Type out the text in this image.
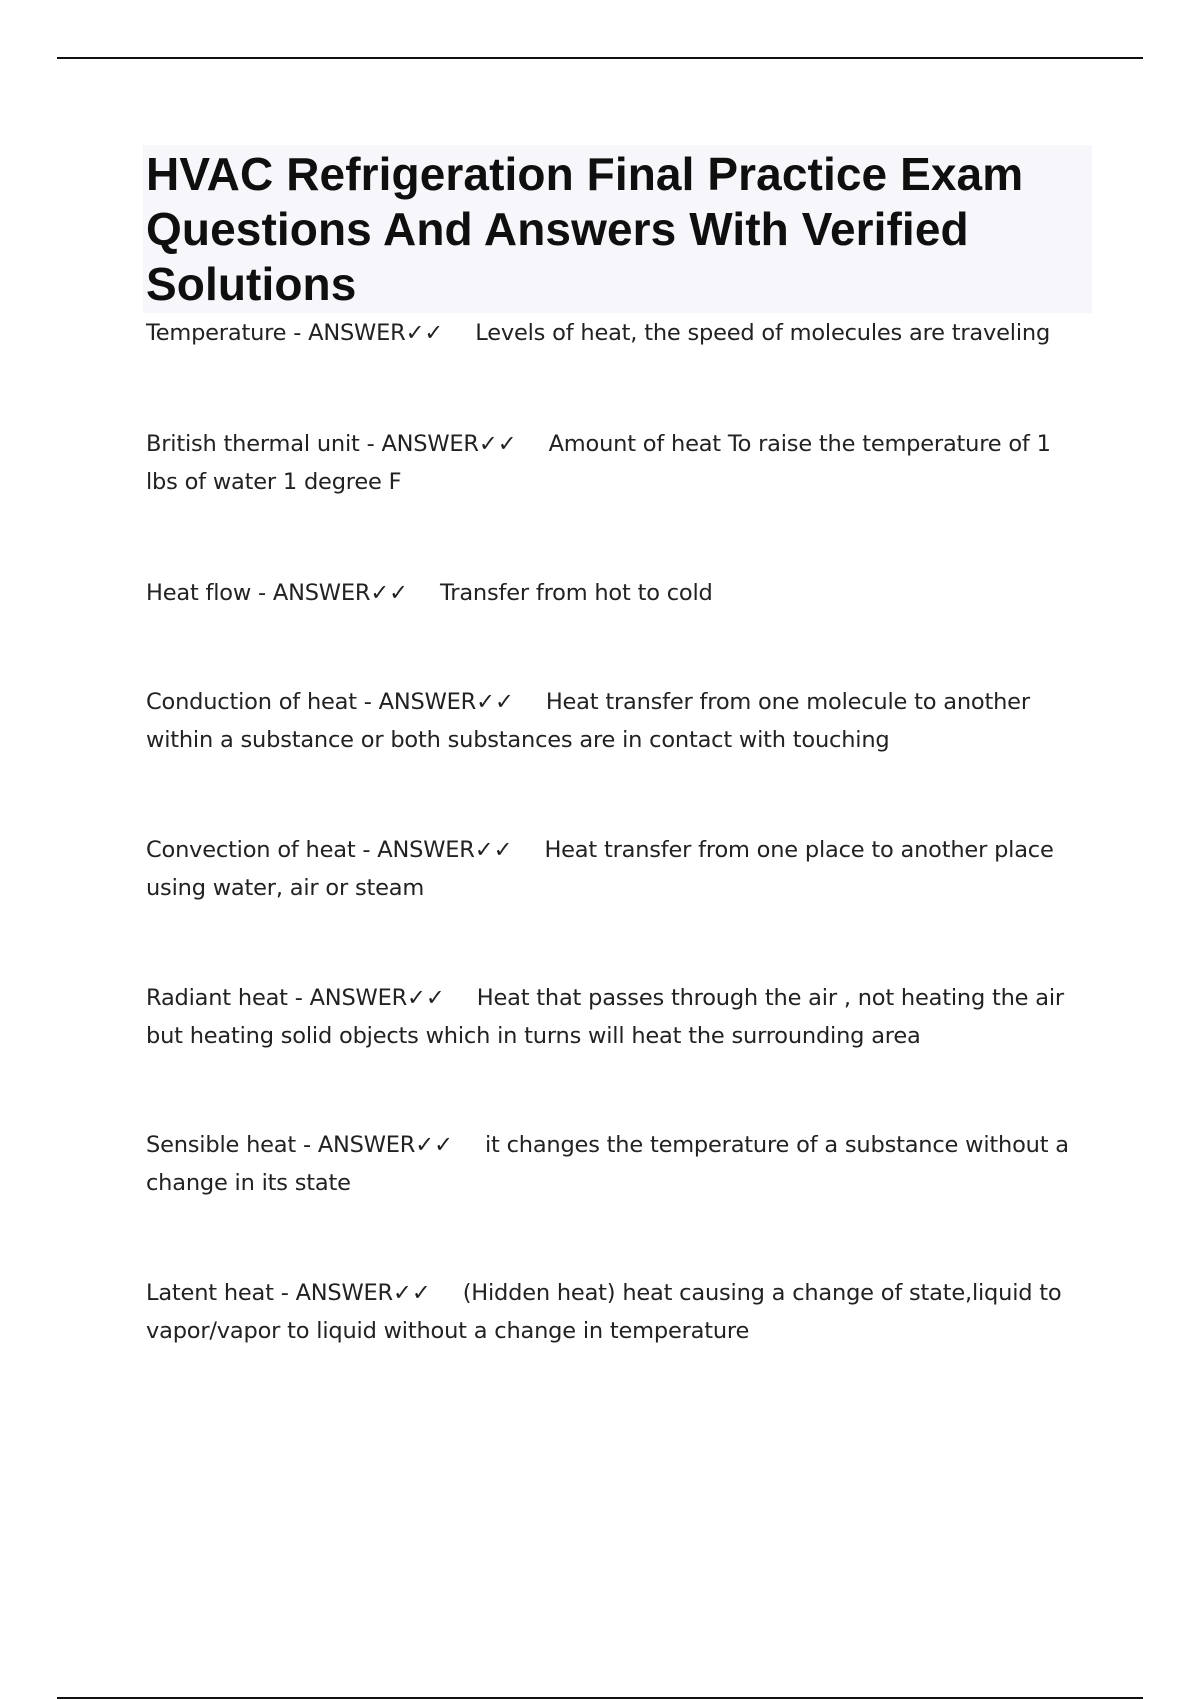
HVAC Refrigeration Final Practice Exam Questions And Answers With Verified Solutions
Temperature - ANSWER✓✓ Levels of heat, the speed of molecules are traveling
British thermal unit - ANSWER✓✓ Amount of heat To raise the temperature of 1 lbs of water 1 degree F
Heat flow - ANSWER✓✓ Transfer from hot to cold
Conduction of heat - ANSWER✓✓ Heat transfer from one molecule to another within a substance or both substances are in contact with touching
Convection of heat - ANSWER✓✓ Heat transfer from one place to another place using water, air or steam
Radiant heat - ANSWER✓✓ Heat that passes through the air , not heating the air but heating solid objects which in turns will heat the surrounding area
Sensible heat - ANSWER✓✓ it changes the temperature of a substance without a change in its state
Latent heat - ANSWER✓✓ (Hidden heat) heat causing a change of state,liquid to vapor/vapor to liquid without a change in temperature
